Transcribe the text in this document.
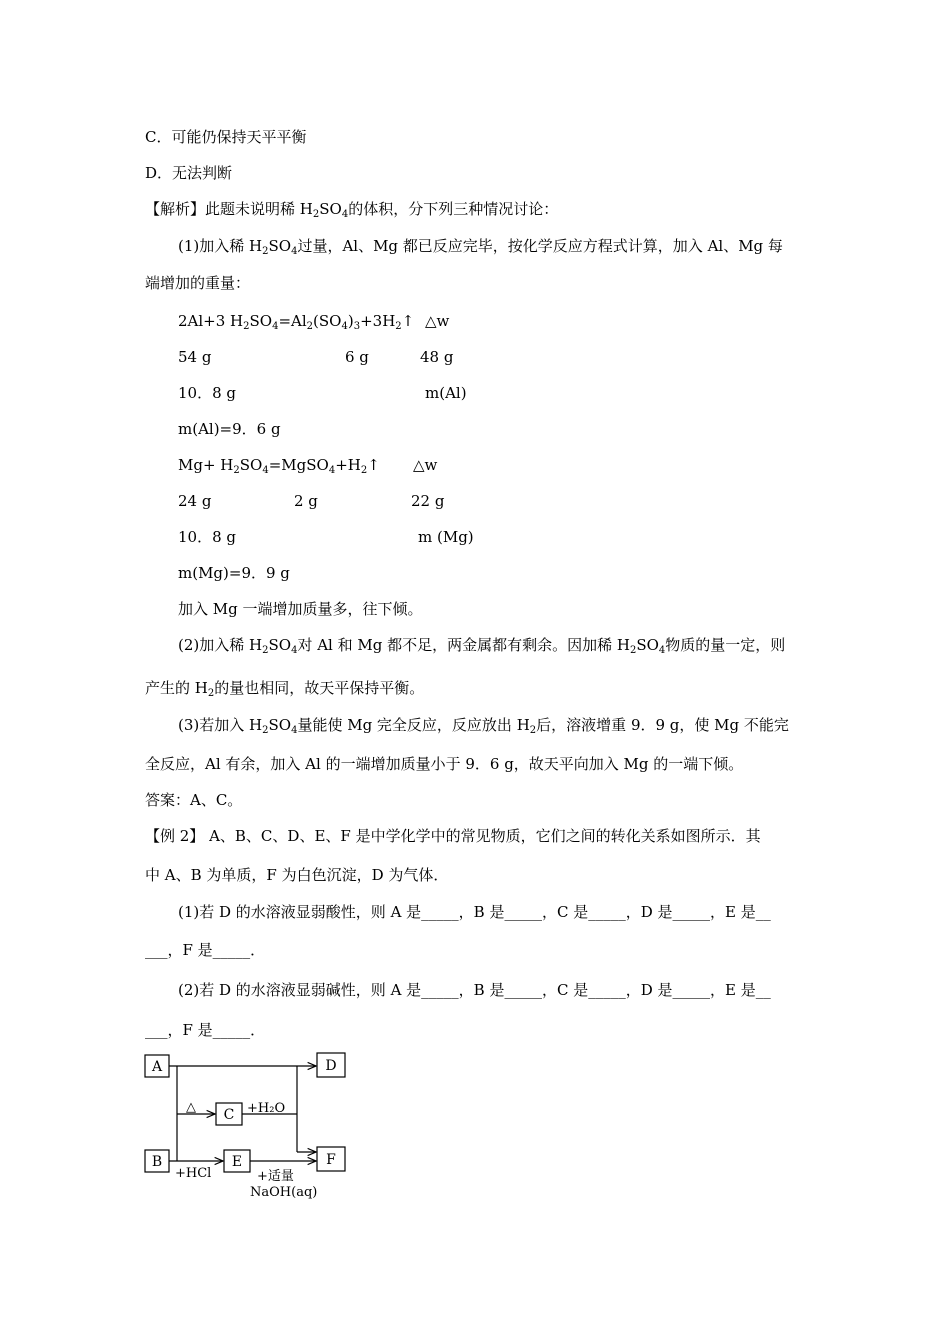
C．可能仍保持天平平衡
D．无法判断
【解析】此题未说明稀 $H_2SO_4$的体积，分下列三种情况讨论：
(1)加入稀 $H_2SO_4$过量，Al、Mg 都已反应完毕，按化学反应方程式计算，加入 Al、Mg 每
端增加的重量：
2Al+3 $H_2SO_4=Al_2(SO_4)_3+3H_2↑$ △w
54 g	6 g	48 g
10．8 g	m(Al)
m(Al)=9．6 g
$Mg+ H_2SO_4=MgSO_4+H_2↑$ △w
24 g	2 g	22 g
10．8 g	m (Mg)
m(Mg)=9．9 g
加入 Mg 一端增加质量多，往下倾。
(2)加入稀 $H_2SO_4$对 Al 和 Mg 都不足，两金属都有剩余。因加稀 $H_2SO_4$物质的量一定，则
产生的 $H_2$的量也相同，故天平保持平衡。
(3)若加入 $H_2SO_4$量能使 Mg 完全反应，反应放出 $H_2$后，溶液增重 9．9 g，使 Mg 不能完
全反应，Al 有余，加入 Al 的一端增加质量小于 9．6 g，故天平向加入 Mg 的一端下倾。
答案：A、C。
【例 2】 A、B、C、D、E、F 是中学化学中的常见物质，它们之间的转化关系如图所示．其
中 A、B 为单质，F 为白色沉淀，D 为气体．
(1)若 D 的水溶液显弱酸性，则 A 是_____，B 是_____，C 是_____，D 是_____，E 是__
___，F 是_____．
(2)若 D 的水溶液显弱碱性，则 A 是_____，B 是_____，C 是_____，D 是_____，E 是__
___，F 是_____．
A	D
C
B	E	F
△	+H₂O
+HCl	+适量
NaOH(aq)
